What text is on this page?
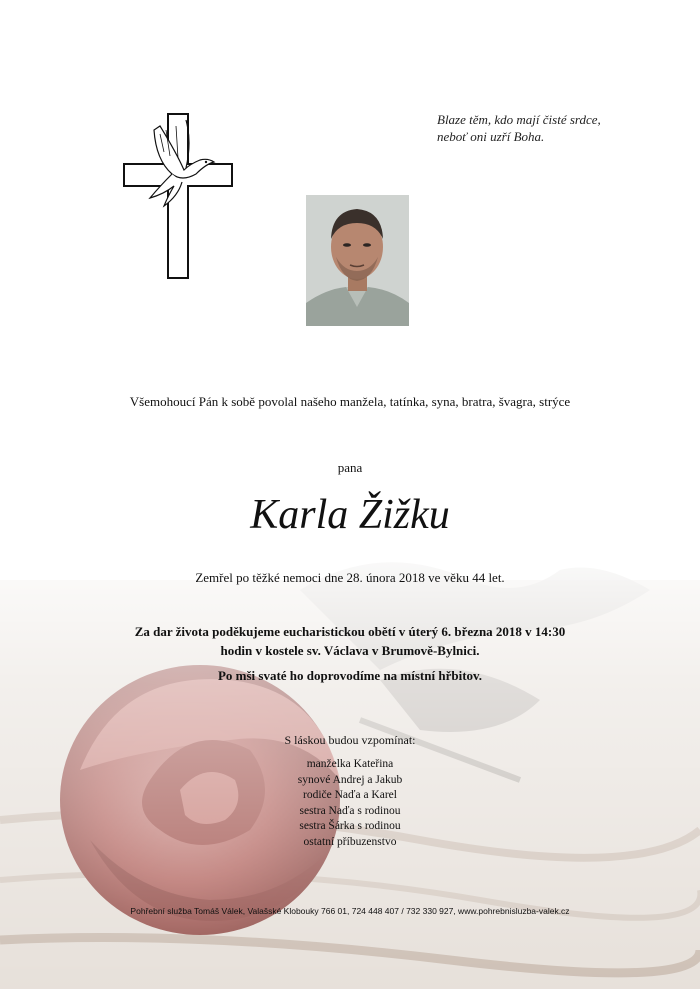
Blaze těm, kdo mají čisté srdce,
neboť oni uzří Boha.
Všemohoucí Pán k sobě povolal našeho manžela, tatínka, syna, bratra, švagra, strýce
pana
Karla Žižku
Zemřel po těžké nemoci dne 28. února 2018 ve věku 44 let.
Za dar života poděkujeme eucharistickou obětí v úterý 6. března 2018 v 14:30 hodin v kostele sv. Václava v Brumově-Bylnici.
Po mši svaté ho doprovodíme na místní hřbitov.
S láskou budou vzpomínat:
manželka Kateřina
synové Andrej a Jakub
rodiče Naďa a Karel
sestra Naďa s rodinou
sestra Šárka s rodinou
ostatní příbuzenstvo
Pohřební služba Tomáš Válek, Valašské Klobouky 766 01, 724 448 407 / 732 330 927, www.pohrebnisluzba-valek.cz
